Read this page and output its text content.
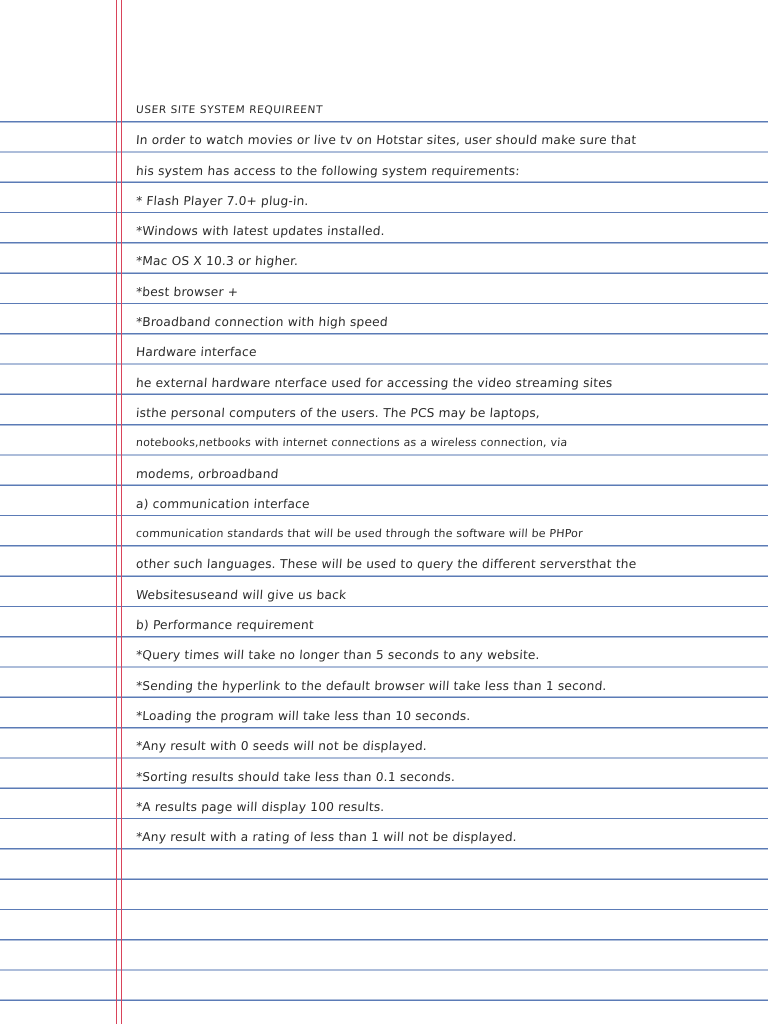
USER SITE SYSTEM REQUIREENT
In order to watch movies or live tv on Hotstar sites, user should make sure that
his system has access to the following system requirements:
* Flash Player 7.0+ plug-in.
*Windows with latest updates installed.
*Mac OS X 10.3 or higher.
*best browser +
*Broadband connection with high speed
Hardware interface
he external hardware nterface used for accessing the video streaming sites
isthe personal computers of the users. The PCS may be laptops,
notebooks,netbooks with internet connections as a wireless connection, via
modems, orbroadband
a) communication interface
communication standards that will be used through the software will be PHPor
other such languages. These will be used to query the different serversthat the
Websitesuseand will give us back
b) Performance requirement
*Query times will take no longer than 5 seconds to any website.
*Sending the hyperlink to the default browser will take less than 1 second.
*Loading the program will take less than 10 seconds.
*Any result with 0 seeds will not be displayed.
*Sorting results should take less than 0.1 seconds.
*A results page will display 100 results.
*Any result with a rating of less than 1 will not be displayed.
